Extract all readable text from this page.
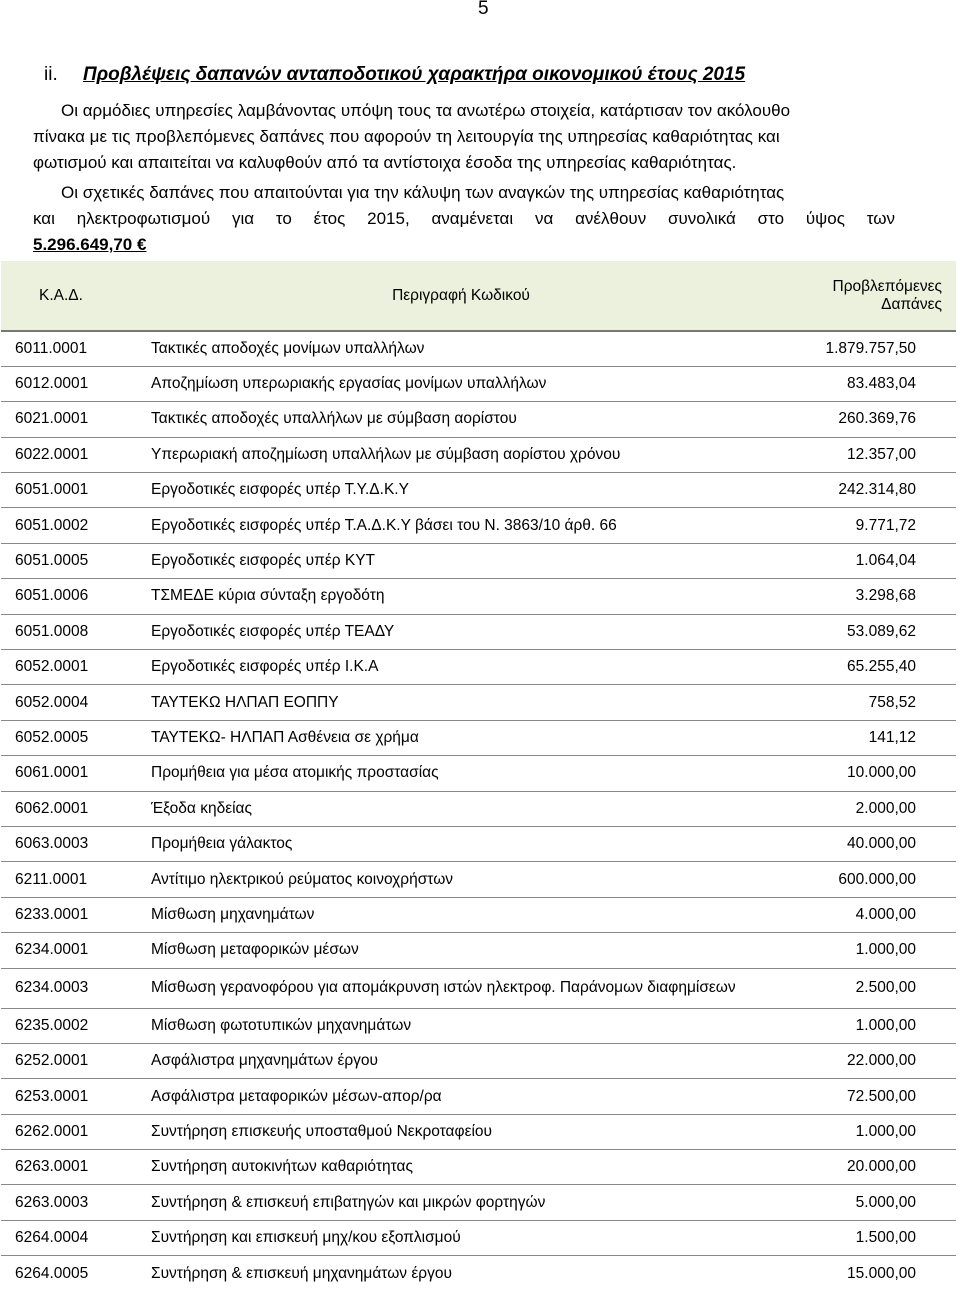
5
ii. Προβλέψεις δαπανών ανταποδοτικού χαρακτήρα οικονομικού έτους 2015
Οι αρμόδιες υπηρεσίες λαμβάνοντας υπόψη τους τα ανωτέρω στοιχεία, κατάρτισαν τον ακόλουθο
πίνακα με τις προβλεπόμενες δαπάνες που αφορούν τη λειτουργία της υπηρεσίας καθαριότητας και
φωτισμού και απαιτείται να καλυφθούν από τα αντίστοιχα έσοδα της υπηρεσίας καθαριότητας.
Οι σχετικές δαπάνες που απαιτούνται για την κάλυψη των αναγκών της υπηρεσίας καθαριότητας
και ηλεκτροφωτισμού για το έτος 2015, αναμένεται να ανέλθουν συνολικά στο ύψος των
5.296.649,70 €
Κ.Α.Δ.	Περιγραφή Κωδικού	Προβλεπόμενες Δαπάνες
6011.0001	Τακτικές αποδοχές μονίμων υπαλλήλων	1.879.757,50
6012.0001	Αποζημίωση υπερωριακής εργασίας μονίμων υπαλλήλων	83.483,04
6021.0001	Τακτικές αποδοχές υπαλλήλων με σύμβαση αορίστου	260.369,76
6022.0001	Υπερωριακή αποζημίωση υπαλλήλων με σύμβαση αορίστου χρόνου	12.357,00
6051.0001	Εργοδοτικές εισφορές υπέρ Τ.Υ.Δ.Κ.Υ	242.314,80
6051.0002	Εργοδοτικές εισφορές υπέρ Τ.Α.Δ.Κ.Υ βάσει του Ν. 3863/10 άρθ. 66	9.771,72
6051.0005	Εργοδοτικές εισφορές υπέρ ΚΥΤ	1.064,04
6051.0006	ΤΣΜΕΔΕ κύρια σύνταξη εργοδότη	3.298,68
6051.0008	Εργοδοτικές εισφορές υπέρ ΤΕΑΔΥ	53.089,62
6052.0001	Εργοδοτικές εισφορές υπέρ Ι.Κ.Α	65.255,40
6052.0004	ΤΑΥΤΕΚΩ ΗΛΠΑΠ ΕΟΠΠΥ	758,52
6052.0005	ΤΑΥΤΕΚΩ- ΗΛΠΑΠ Ασθένεια σε χρήμα	141,12
6061.0001	Προμήθεια για μέσα ατομικής προστασίας	10.000,00
6062.0001	Έξοδα κηδείας	2.000,00
6063.0003	Προμήθεια γάλακτος	40.000,00
6211.0001	Αντίτιμο ηλεκτρικού ρεύματος κοινοχρήστων	600.000,00
6233.0001	Μίσθωση μηχανημάτων	4.000,00
6234.0001	Μίσθωση μεταφορικών μέσων	1.000,00
6234.0003	Μίσθωση γερανοφόρου για απομάκρυνση ιστών ηλεκτροφ. Παράνομων διαφημίσεων	2.500,00
6235.0002	Μίσθωση φωτοτυπικών μηχανημάτων	1.000,00
6252.0001	Ασφάλιστρα μηχανημάτων έργου	22.000,00
6253.0001	Ασφάλιστρα μεταφορικών μέσων-απορ/ρα	72.500,00
6262.0001	Συντήρηση επισκευής υποσταθμού Νεκροταφείου	1.000,00
6263.0001	Συντήρηση αυτοκινήτων καθαριότητας	20.000,00
6263.0003	Συντήρηση & επισκευή επιβατηγών και μικρών φορτηγών	5.000,00
6264.0004	Συντήρηση και επισκευή μηχ/κου εξοπλισμού	1.500,00
6264.0005	Συντήρηση & επισκευή μηχανημάτων έργου	15.000,00
